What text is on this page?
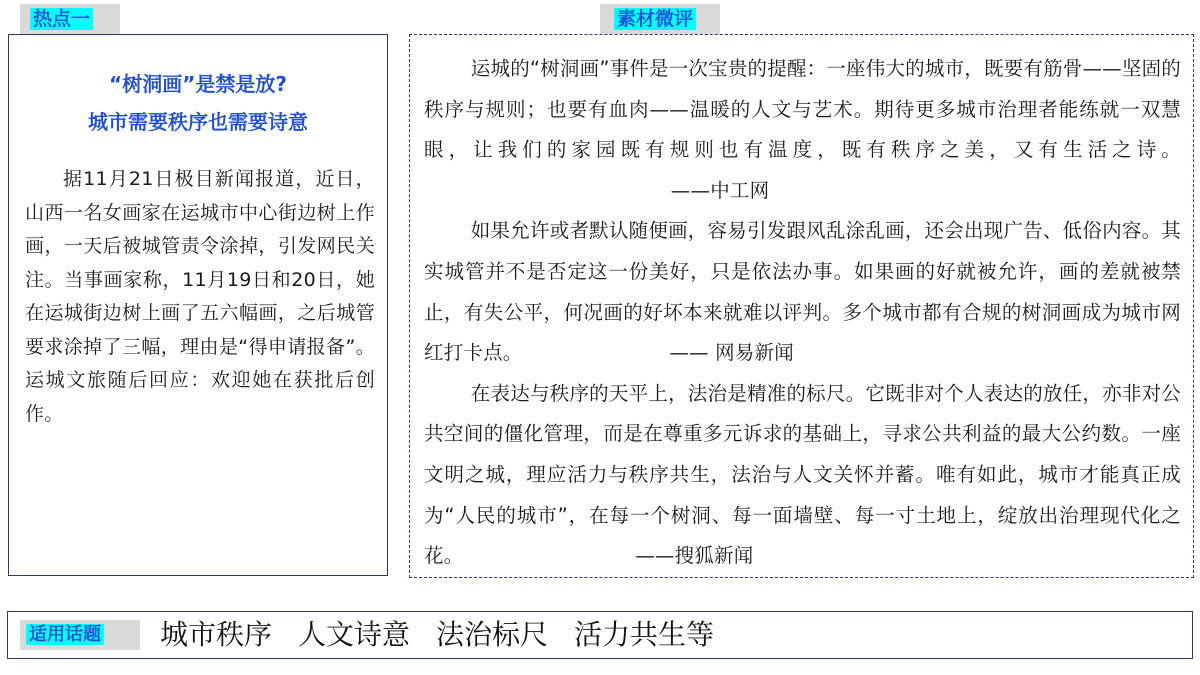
热点一	素材微评
“树洞画”是禁是放?
城市需要秩序也需要诗意
据11月21日极目新闻报道，近日，山西一名女画家在运城市中心街边树上作画，一天后被城管责令涂掉，引发网民关注。当事画家称，11月19日和20日，她在运城街边树上画了五六幅画，之后城管要求涂掉了三幅，理由是“得申请报备”。运城文旅随后回应：欢迎她在获批后创作。
运城的“树洞画”事件是一次宝贵的提醒：一座伟大的城市，既要有筋骨——坚固的秩序与规则；也要有血肉——温暖的人文与艺术。期待更多城市治理者能练就一双慧眼，让我们的家园既有规则也有温度，既有秩序之美，又有生活之诗。——中工网
如果允许或者默认随便画，容易引发跟风乱涂乱画，还会出现广告、低俗内容。其实城管并不是否定这一份美好，只是依法办事。如果画的好就被允许，画的差就被禁止，有失公平，何况画的好坏本来就难以评判。多个城市都有合规的树洞画成为城市网红打卡点。	—— 网易新闻
在表达与秩序的天平上，法治是精准的标尺。它既非对个人表达的放任，亦非对公共空间的僵化管理，而是在尊重多元诉求的基础上，寻求公共利益的最大公约数。一座文明之城，理应活力与秩序共生，法治与人文关怀并蓄。唯有如此，城市才能真正成为“人民的城市”，在每一个树洞、每一面墙壁、每一寸土地上，绽放出治理现代化之花。	——搜狐新闻
适用话题	城市秩序 人文诗意 法治标尺 活力共生等
